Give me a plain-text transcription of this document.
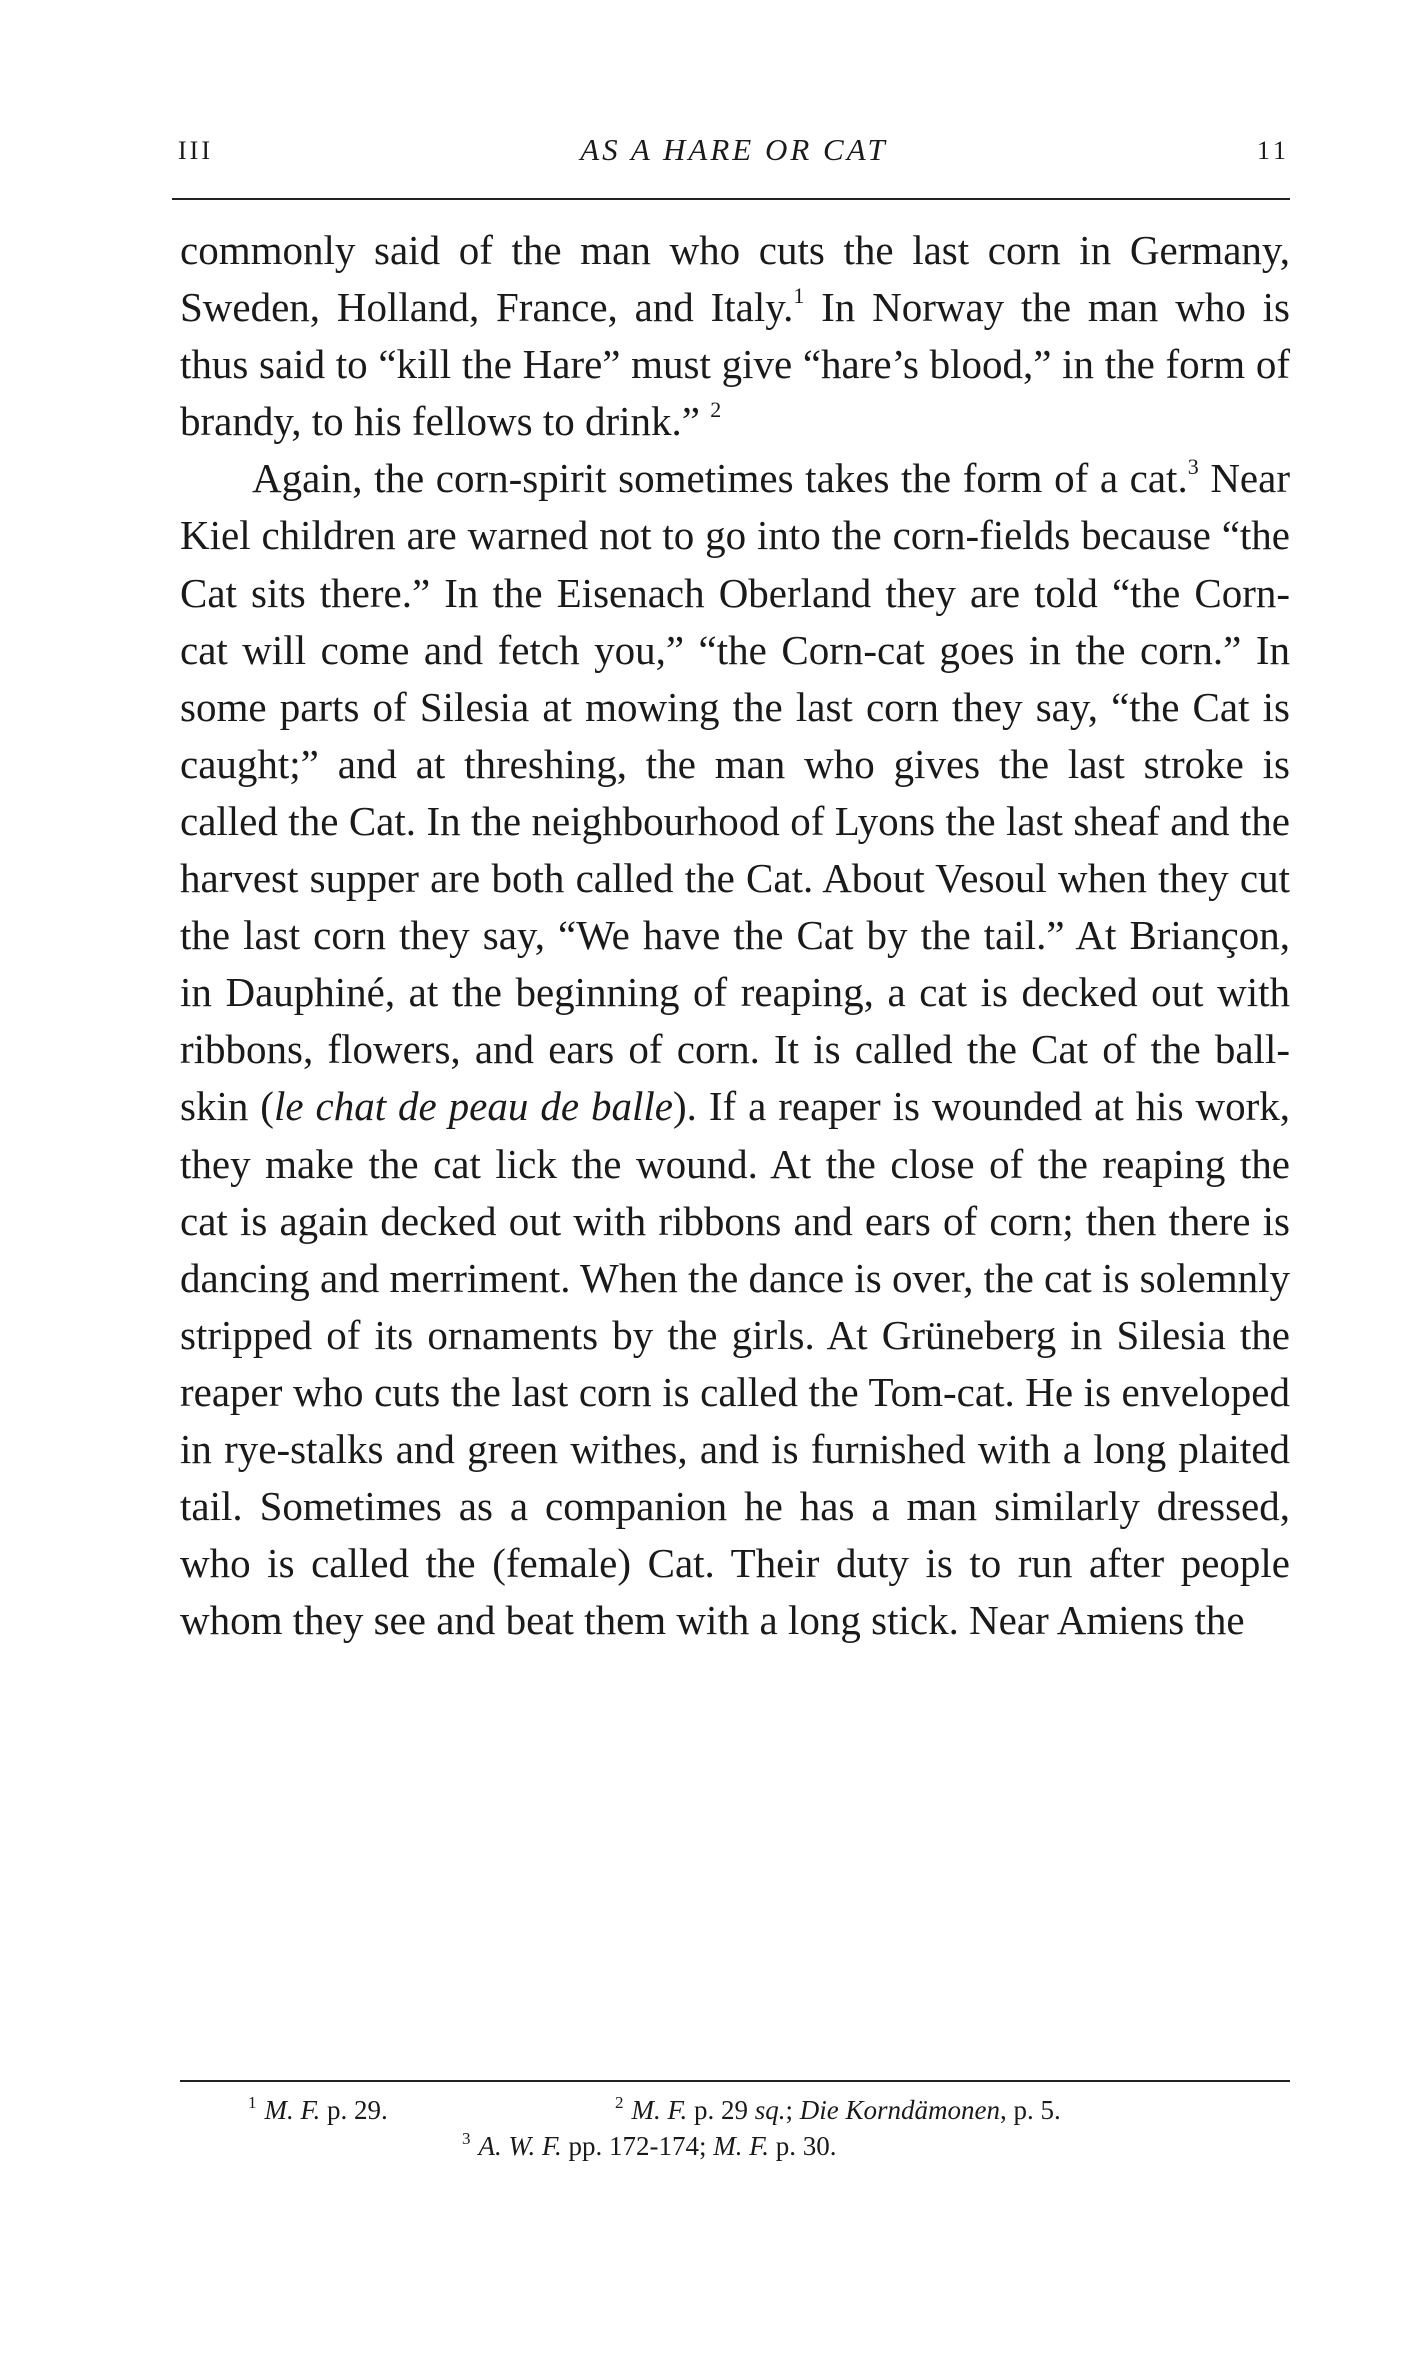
III	AS A HARE OR CAT	11

commonly said of the man who cuts the last corn in Germany, Sweden, Holland, France, and Italy.$^1$ In Norway the man who is thus said to “kill the Hare” must give “hare’s blood,” in the form of brandy, to his fellows to drink.” $^2$

Again, the corn-spirit sometimes takes the form of a cat.$^3$ Near Kiel children are warned not to go into the corn-fields because “the Cat sits there.” In the Eisenach Oberland they are told “the Corn-cat will come and fetch you,” “the Corn-cat goes in the corn.” In some parts of Silesia at mowing the last corn they say, “the Cat is caught;” and at threshing, the man who gives the last stroke is called the Cat. In the neighbourhood of Lyons the last sheaf and the harvest supper are both called the Cat. About Vesoul when they cut the last corn they say, “We have the Cat by the tail.” At Briançon, in Dauphiné, at the beginning of reaping, a cat is decked out with ribbons, flowers, and ears of corn. It is called the Cat of the ball-skin (le chat de peau de balle). If a reaper is wounded at his work, they make the cat lick the wound. At the close of the reaping the cat is again decked out with ribbons and ears of corn; then there is dancing and merriment. When the dance is over, the cat is solemnly stripped of its ornaments by the girls. At Grüneberg in Silesia the reaper who cuts the last corn is called the Tom-cat. He is enveloped in rye-stalks and green withes, and is furnished with a long plaited tail. Sometimes as a companion he has a man similarly dressed, who is called the (female) Cat. Their duty is to run after people whom they see and beat them with a long stick. Near Amiens the

$^1$ M. F. p. 29.	$^2$ M. F. p. 29 sq.; Die Korndämonen, p. 5.
$^3$ A. W. F. pp. 172-174; M. F. p. 30.
